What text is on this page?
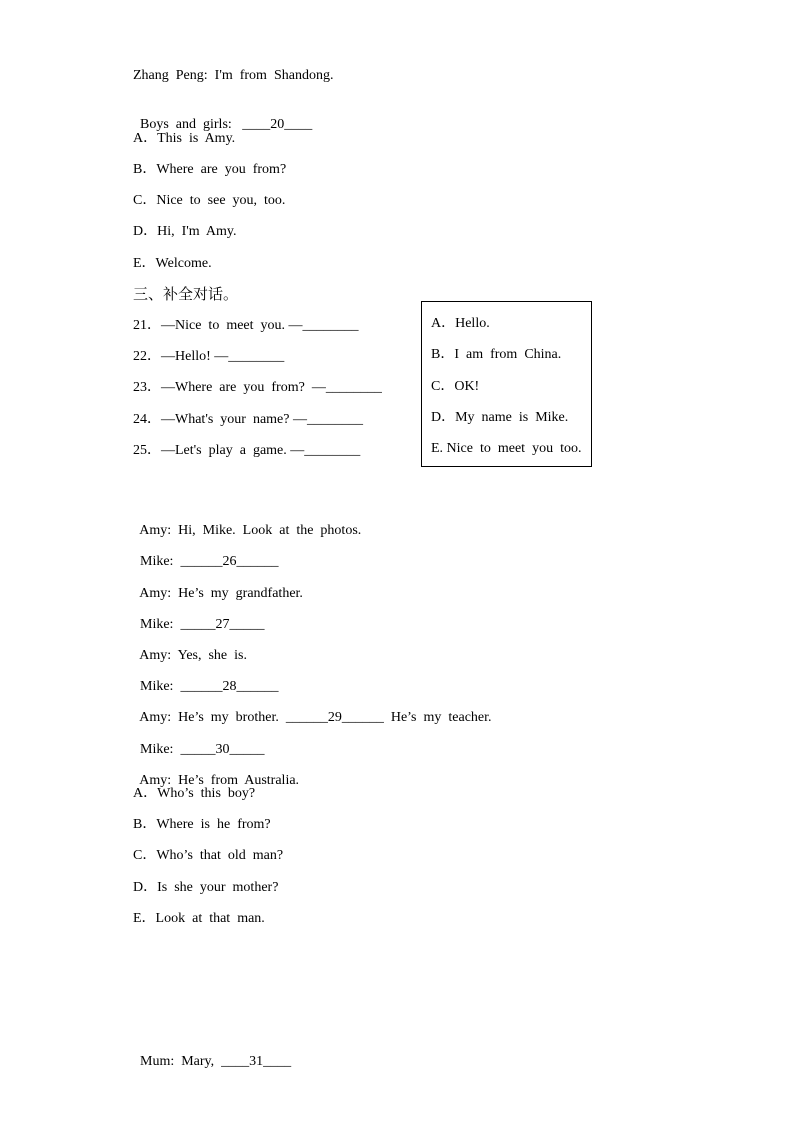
Zhang  Peng:  I'm  from  Shandong.

Boys  and  girls:   ____20____

A．This  is  Amy.
B．Where  are  you  from?
C．Nice  to  see  you,  too.
D．Hi,  I'm  Amy.
E．Welcome.
三、补全对话。
21．—Nice  to  meet  you. —________
22．—Hello! —________
23．—Where  are  you  from?  —________
24．—What's  your  name? —________
25．—Let's  play  a  game. —________
A．Hello.
B．I  am  from  China.
C．OK!
D．My  name  is  Mike.
E. Nice  to  meet  you  too.

Amy:  Hi,  Mike.  Look  at  the  photos.

Mike:  ______26______

Amy:  He’s  my  grandfather.

Mike:  _____27_____

Amy:  Yes,  she  is.

Mike:  ______28______

Amy:  He’s  my  brother.  ______29______  He’s  my  teacher.

Mike:  _____30_____

Amy:  He’s  from  Australia.

A．Who’s  this  boy?
B．Where  is  he  from?
C．Who’s  that  old  man?
D．Is  she  your  mother?
E．Look  at  that  man.

Mum:  Mary,  ____31____
